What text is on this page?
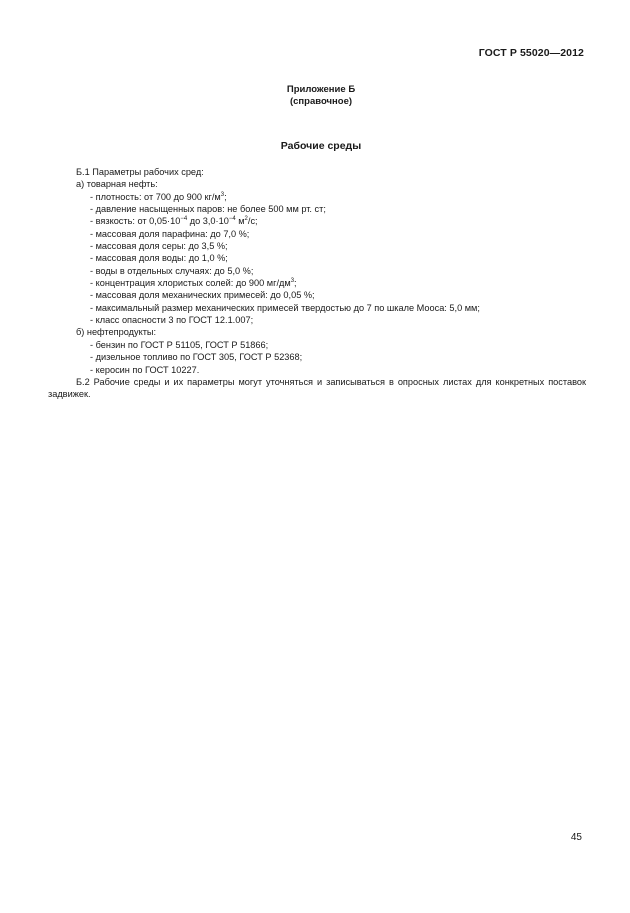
ГОСТ Р 55020—2012
Приложение Б
(справочное)
Рабочие среды
Б.1 Параметры рабочих сред:
а) товарная нефть:
- плотность: от 700 до 900 $кг/м^3$;
- давление насыщенных паров: не более 500 мм рт. ст;
- вязкость: от $0,05\cdot 10^{-4}$ до $3,0\cdot 10^{-4}$ $м^2/с$;
- массовая доля парафина: до 7,0 %;
- массовая доля серы: до 3,5 %;
- массовая доля воды: до 1,0 %;
- воды в отдельных случаях: до 5,0 %;
- концентрация хлористых солей: до 900 $мг/дм^3$;
- массовая доля механических примесей: до 0,05 %;
- максимальный размер механических примесей твердостью до 7 по шкале Мооса: 5,0 мм;
- класс опасности 3 по ГОСТ 12.1.007;
б) нефтепродукты:
- бензин по ГОСТ Р 51105, ГОСТ Р 51866;
- дизельное топливо по ГОСТ 305, ГОСТ Р 52368;
- керосин по ГОСТ 10227.
Б.2 Рабочие среды и их параметры могут уточняться и записываться в опросных листах для конкретных поставок задвижек.
45
